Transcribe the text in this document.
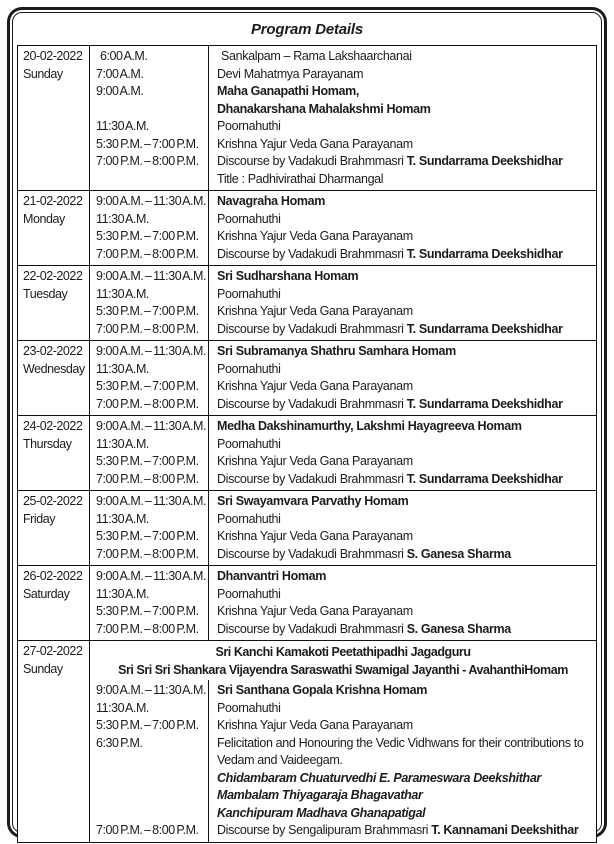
Program Details
20-02-2022
Sunday
6:00 A.M.
7:00 A.M.
9:00 A.M.
11:30 A.M.
5:30 P.M. – 7:00 P.M.
7:00 P.M. – 8:00 P.M.
Sankalpam – Rama Lakshaarchanai
Devi Mahatmya Parayanam
Maha Ganapathi Homam,
Dhanakarshana Mahalakshmi Homam
Poornahuthi
Krishna Yajur Veda Gana Parayanam
Discourse by Vadakudi Brahmmasri T. Sundarrama Deekshidhar
Title : Padhivirathai Dharmangal
21-02-2022
Monday
9:00 A.M. – 11:30 A.M.
11:30 A.M.
5:30 P.M. – 7:00 P.M.
7:00 P.M. – 8:00 P.M.
Navagraha Homam
Poornahuthi
Krishna Yajur Veda Gana Parayanam
Discourse by Vadakudi Brahmmasri T. Sundarrama Deekshidhar
22-02-2022
Tuesday
9:00 A.M. – 11:30 A.M.
11:30 A.M.
5:30 P.M. – 7:00 P.M.
7:00 P.M. – 8:00 P.M.
Sri Sudharshana Homam
Poornahuthi
Krishna Yajur Veda Gana Parayanam
Discourse by Vadakudi Brahmmasri T. Sundarrama Deekshidhar
23-02-2022
Wednesday
9:00 A.M. – 11:30 A.M.
11:30 A.M.
5:30 P.M. – 7:00 P.M.
7:00 P.M. – 8:00 P.M.
Sri Subramanya Shathru Samhara Homam
Poornahuthi
Krishna Yajur Veda Gana Parayanam
Discourse by Vadakudi Brahmmasri T. Sundarrama Deekshidhar
24-02-2022
Thursday
9:00 A.M. – 11:30 A.M.
11:30 A.M.
5:30 P.M. – 7:00 P.M.
7:00 P.M. – 8:00 P.M.
Medha Dakshinamurthy, Lakshmi Hayagreeva Homam
Poornahuthi
Krishna Yajur Veda Gana Parayanam
Discourse by Vadakudi Brahmmasri T. Sundarrama Deekshidhar
25-02-2022
Friday
9:00 A.M. – 11:30 A.M.
11:30 A.M.
5:30 P.M. – 7:00 P.M.
7:00 P.M. – 8:00 P.M.
Sri Swayamvara Parvathy Homam
Poornahuthi
Krishna Yajur Veda Gana Parayanam
Discourse by Vadakudi Brahmmasri S. Ganesa Sharma
26-02-2022
Saturday
9:00 A.M. – 11:30 A.M.
11:30 A.M.
5:30 P.M. – 7:00 P.M.
7:00 P.M. – 8:00 P.M.
Dhanvantri Homam
Poornahuthi
Krishna Yajur Veda Gana Parayanam
Discourse by Vadakudi Brahmmasri S. Ganesa Sharma
27-02-2022
Sunday
Sri Kanchi Kamakoti Peetathipadhi Jagadguru
Sri Sri Sri Shankara Vijayendra Saraswathi Swamigal Jayanthi - AvahanthiHomam
9:00 A.M. – 11:30 A.M.
11:30 A.M.
5:30 P.M. – 7:00 P.M.
6:30 P.M.
7:00 P.M. – 8:00 P.M.
Sri Santhana Gopala Krishna Homam
Poornahuthi
Krishna Yajur Veda Gana Parayanam
Felicitation and Honouring the Vedic Vidhwans for their contributions to
Vedam and Vaideegam.
Chidambaram Chuaturvedhi E. Parameswara Deekshithar
Mambalam Thiyagaraja Bhagavathar
Kanchipuram Madhava Ghanapatigal
Discourse by Sengalipuram Brahmmasri T. Kannamani Deekshithar
